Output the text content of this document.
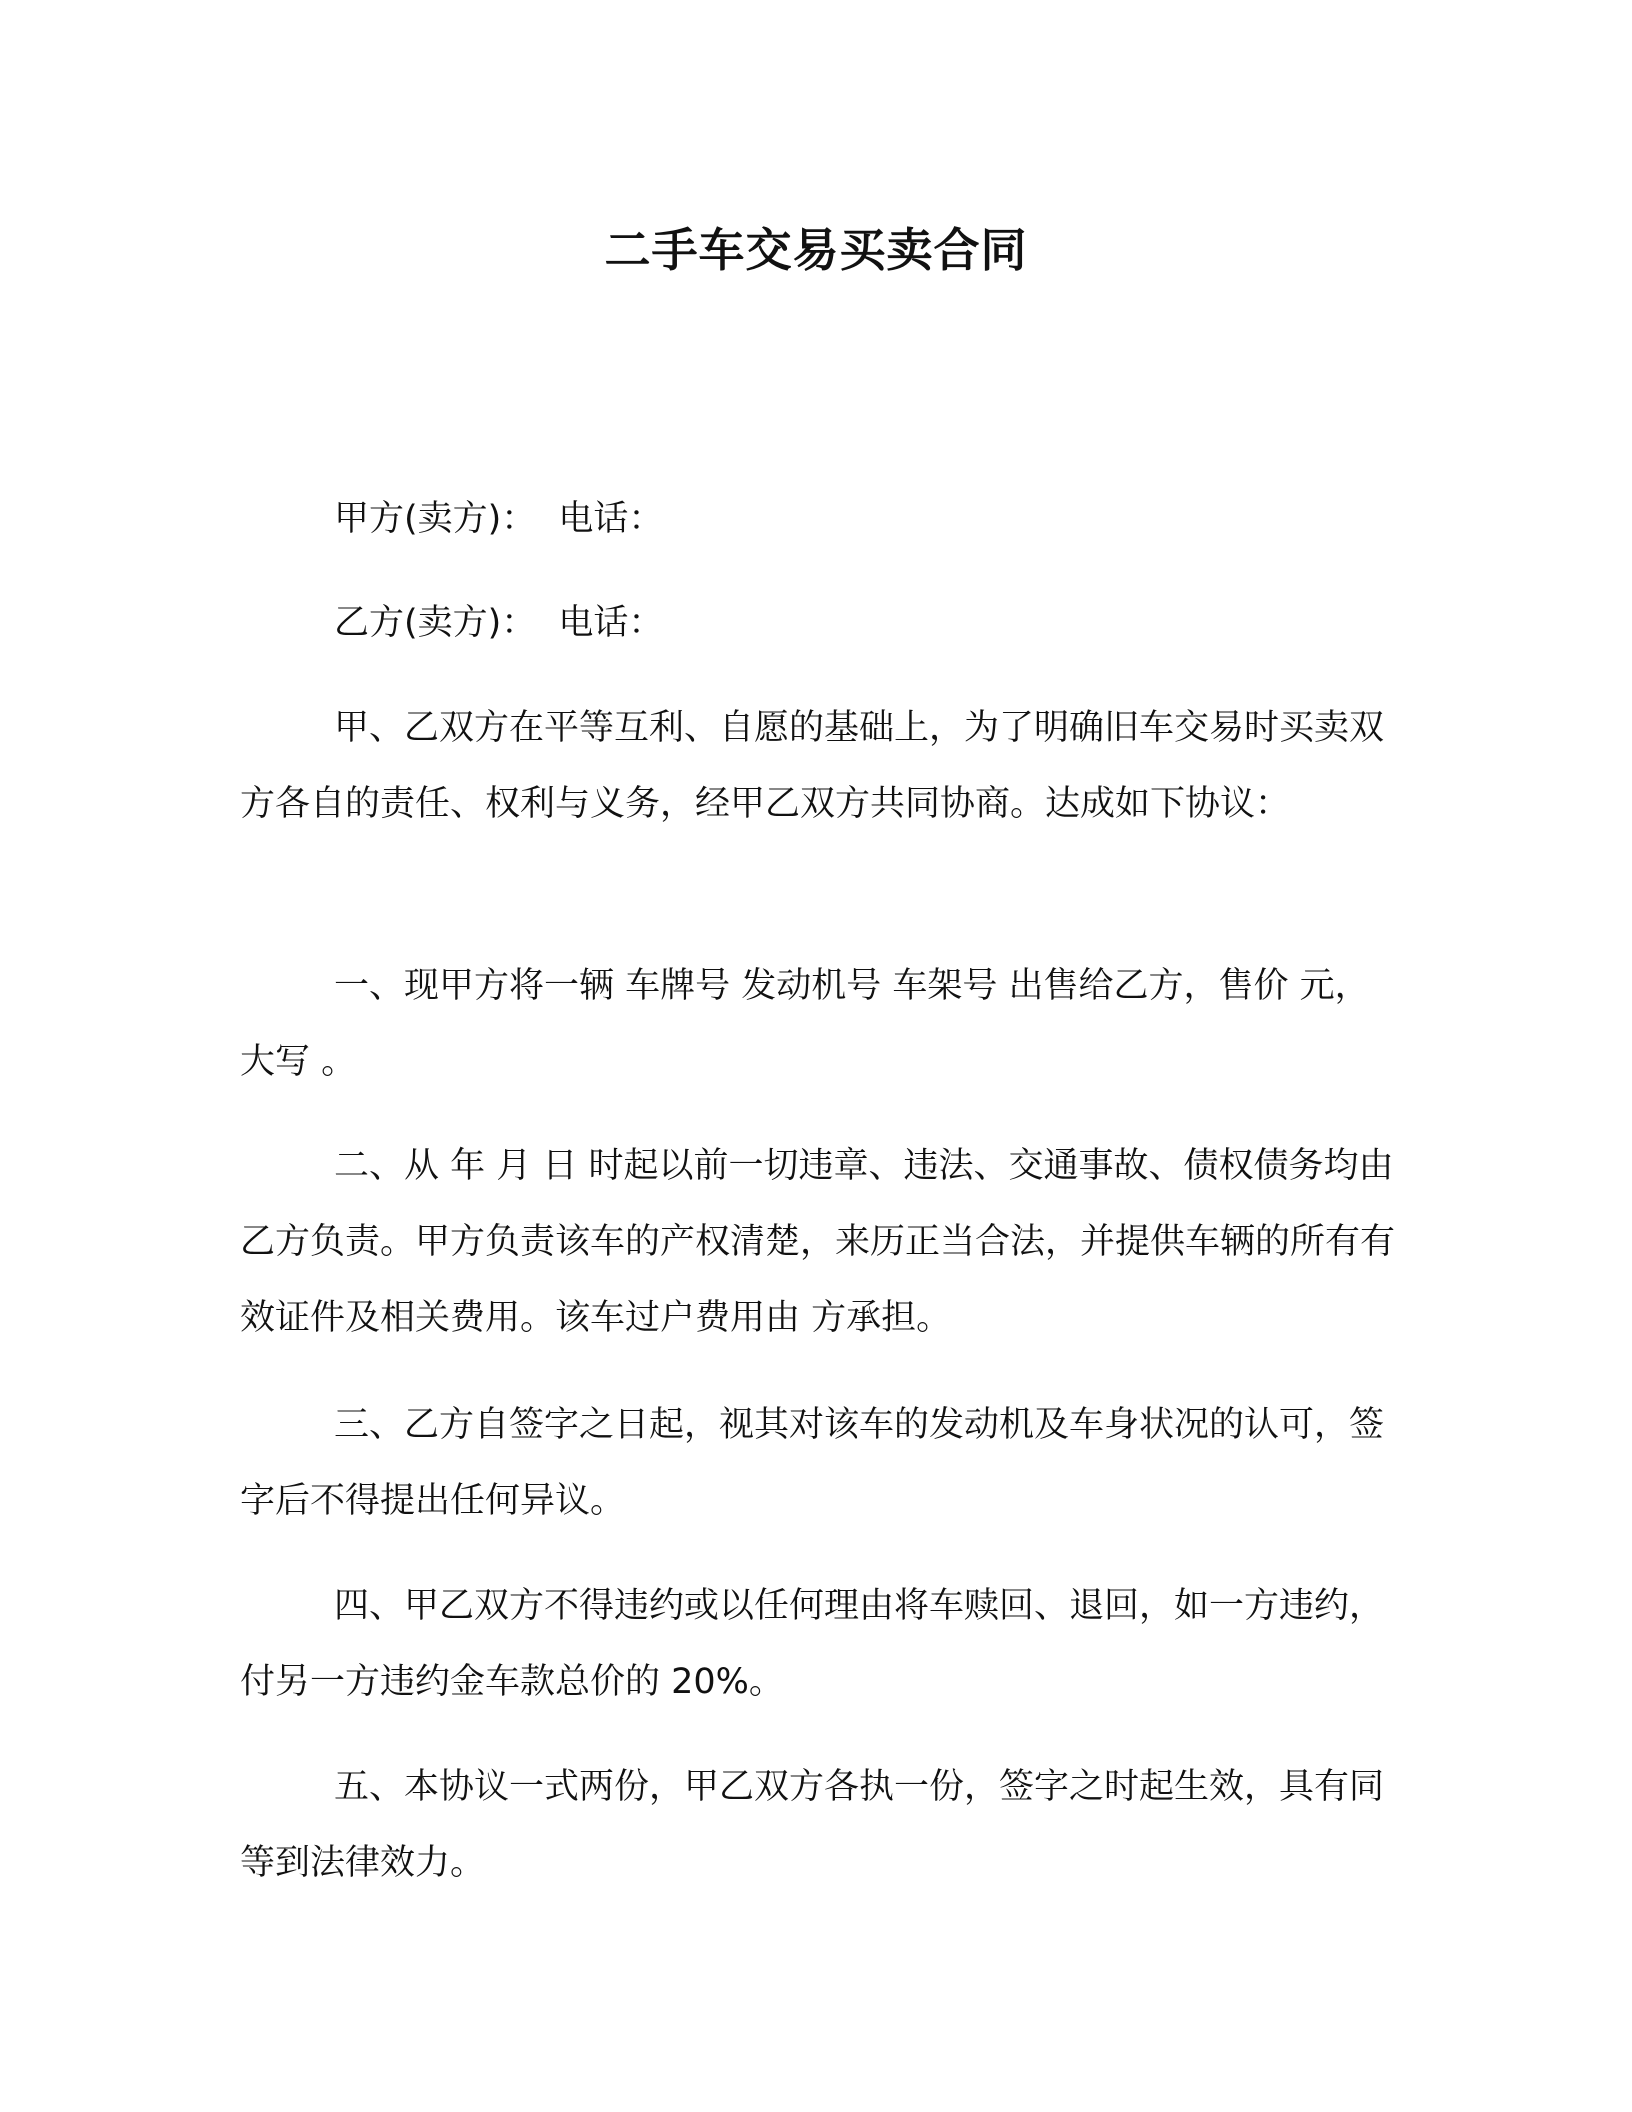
二手车交易买卖合同
甲方(卖方)： 电话：
乙方(卖方)： 电话：

甲、乙双方在平等互利、自愿的基础上，为了明确旧车交易时买卖双方各自的责任、权利与义务，经甲乙双方共同协商。达成如下协议：

一、现甲方将一辆 车牌号 发动机号 车架号 出售给乙方，售价 元，大写 。

二、从 年 月 日 时起以前一切违章、违法、交通事故、债权债务均由乙方负责。甲方负责该车的产权清楚，来历正当合法，并提供车辆的所有有效证件及相关费用。该车过户费用由 方承担。

三、乙方自签字之日起，视其对该车的发动机及车身状况的认可，签字后不得提出任何异议。

四、甲乙双方不得违约或以任何理由将车赎回、退回，如一方违约，付另一方违约金车款总价的 20%。

五、本协议一式两份，甲乙双方各执一份，签字之时起生效，具有同等到法律效力。
